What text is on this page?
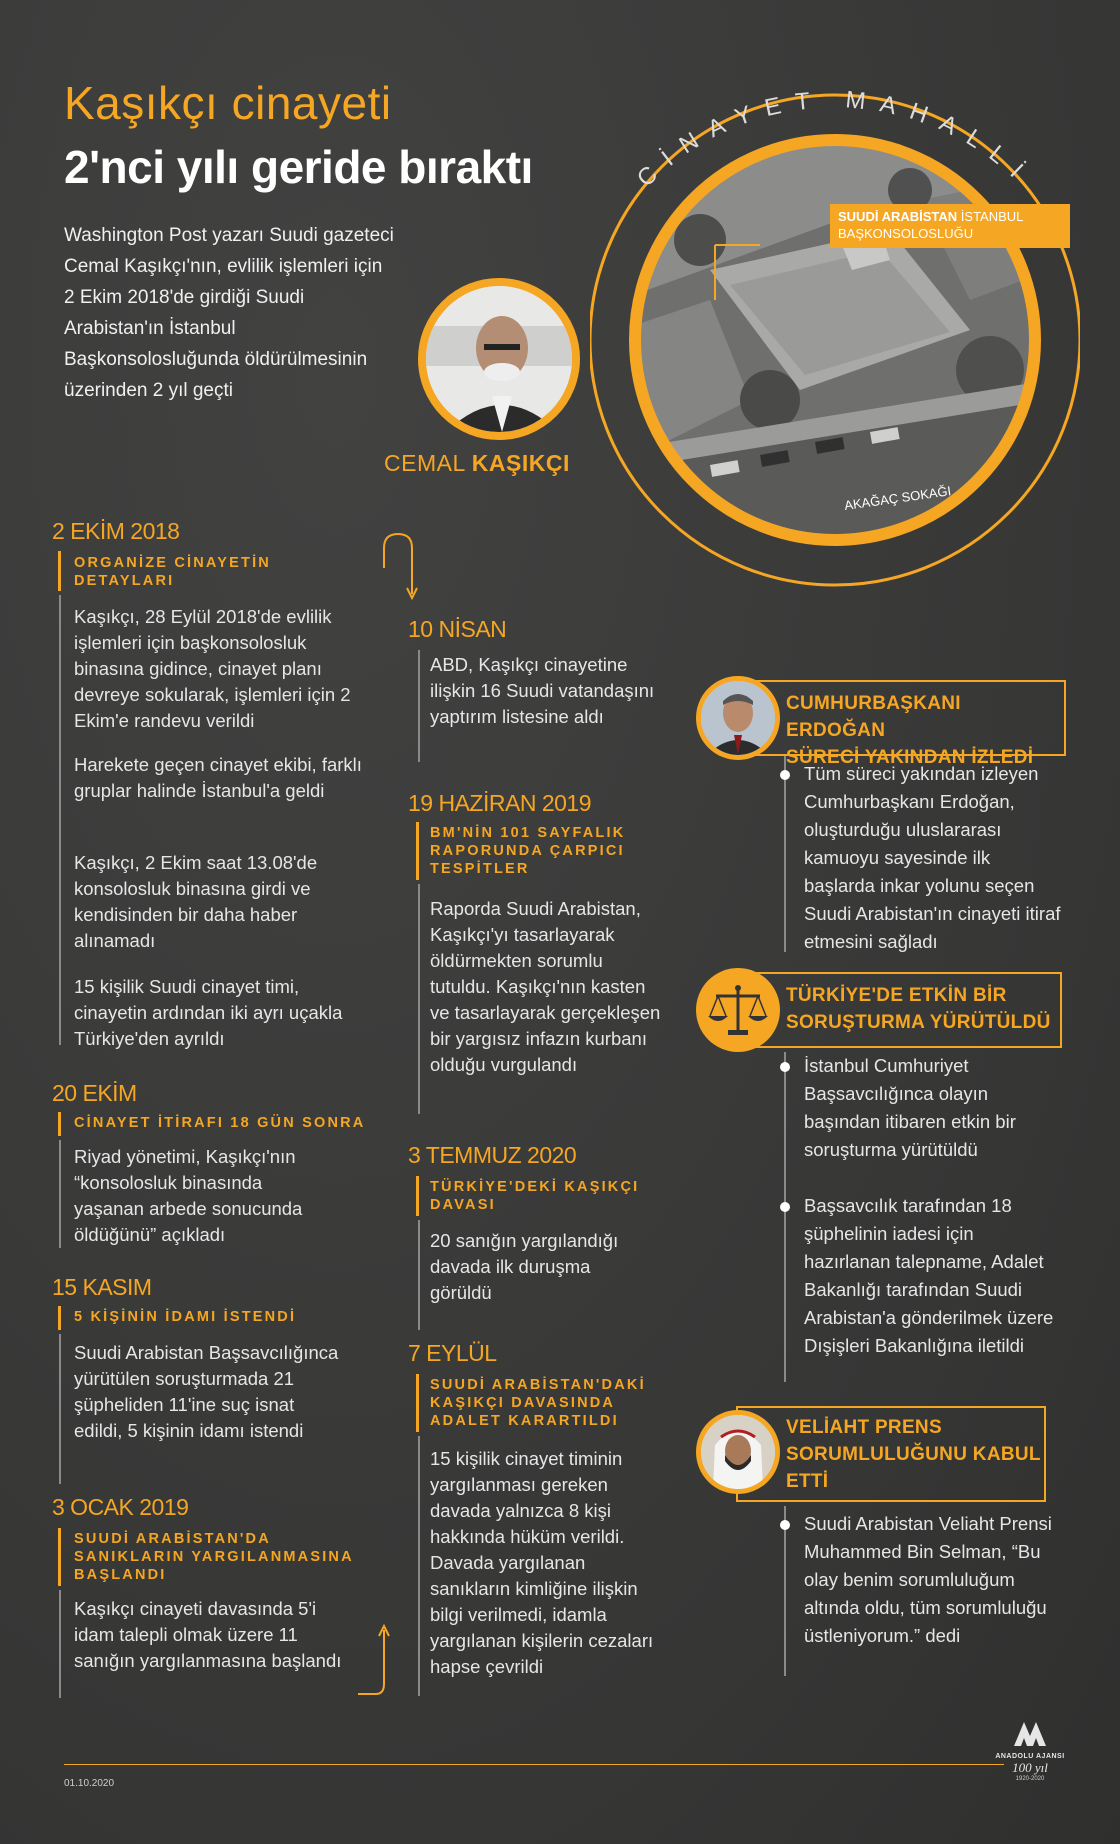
Kaşıkçı cinayeti
2'nci yılı geride bıraktı
Washington Post yazarı Suudi gazeteci Cemal Kaşıkçı'nın, evlilik işlemleri için 2 Ekim 2018'de girdiği Suudi Arabistan'ın İstanbul Başkonsolosluğunda öldürülmesinin üzerinden 2 yıl geçti
CİNAYET MAHALLİ
AKAĞAÇ SOKAĞI
SUUDİ ARABİSTAN İSTANBUL
BAŞKONSOLOSLUĞU
CEMAL KAŞIKÇI
2 EKİM 2018
ORGANİZE CİNAYETİN DETAYLARI
Kaşıkçı, 28 Eylül 2018'de evlilik işlemleri için başkonsolosluk binasına gidince, cinayet planı devreye sokularak, işlemleri için 2 Ekim'e randevu verildi
Harekete geçen cinayet ekibi, farklı gruplar halinde İstanbul'a geldi
Kaşıkçı, 2 Ekim saat 13.08'de konsolosluk binasına girdi ve kendisinden bir daha haber alınamadı
15 kişilik Suudi cinayet timi, cinayetin ardından iki ayrı uçakla Türkiye'den ayrıldı
20 EKİM
CİNAYET İTİRAFI 18 GÜN SONRA
Riyad yönetimi, Kaşıkçı'nın “konsolosluk binasında yaşanan arbede sonucunda öldüğünü” açıkladı
15 KASIM
5 KİŞİNİN İDAMI İSTENDİ
Suudi Arabistan Başsavcılığınca yürütülen soruşturmada 21 şüpheliden 11'ine suç isnat edildi, 5 kişinin idamı istendi
3 OCAK 2019
SUUDİ ARABİSTAN'DA SANIKLARIN YARGILANMASINA BAŞLANDI
Kaşıkçı cinayeti davasında 5'i idam talepli olmak üzere 11 sanığın yargılanmasına başlandı
10 NİSAN
ABD, Kaşıkçı cinayetine ilişkin 16 Suudi vatandaşını yaptırım listesine aldı
19 HAZİRAN 2019
BM'NİN 101 SAYFALIK RAPORUNDA ÇARPICI TESPİTLER
Raporda Suudi Arabistan, Kaşıkçı'yı tasarlayarak öldürmekten sorumlu tutuldu. Kaşıkçı'nın kasten ve tasarlayarak gerçekleşen bir yargısız infazın kurbanı olduğu vurgulandı
3 TEMMUZ 2020
TÜRKİYE'DEKİ KAŞIKÇI DAVASI
20 sanığın yargılandığı davada ilk duruşma görüldü
7 EYLÜL
SUUDİ ARABİSTAN'DAKİ KAŞIKÇI DAVASINDA ADALET KARARTILDI
15 kişilik cinayet timinin yargılanması gereken davada yalnızca 8 kişi hakkında hüküm verildi. Davada yargılanan sanıkların kimliğine ilişkin bilgi verilmedi, idamla yargılanan kişilerin cezaları hapse çevrildi
CUMHURBAŞKANI ERDOĞAN
SÜRECİ YAKINDAN İZLEDİ
Tüm süreci yakından izleyen Cumhurbaşkanı Erdoğan, oluşturduğu uluslararası kamuoyu sayesinde ilk başlarda inkar yolunu seçen Suudi Arabistan'ın cinayeti itiraf etmesini sağladı
TÜRKİYE'DE ETKİN BİR
SORUŞTURMA YÜRÜTÜLDÜ
İstanbul Cumhuriyet Başsavcılığınca olayın başından itibaren etkin bir soruşturma yürütüldü
Başsavcılık tarafından 18 şüphelinin iadesi için hazırlanan talepname, Adalet Bakanlığı tarafından Suudi Arabistan'a gönderilmek üzere Dışişleri Bakanlığına iletildi
VELİAHT PRENS
SORUMLULUĞUNU KABUL
ETTİ
Suudi Arabistan Veliaht Prensi Muhammed Bin Selman, “Bu olay benim sorumluluğum altında oldu, tüm sorumluluğu üstleniyorum.” dedi
01.10.2020
ANADOLU AJANSI
100 yıl
1920-2020
